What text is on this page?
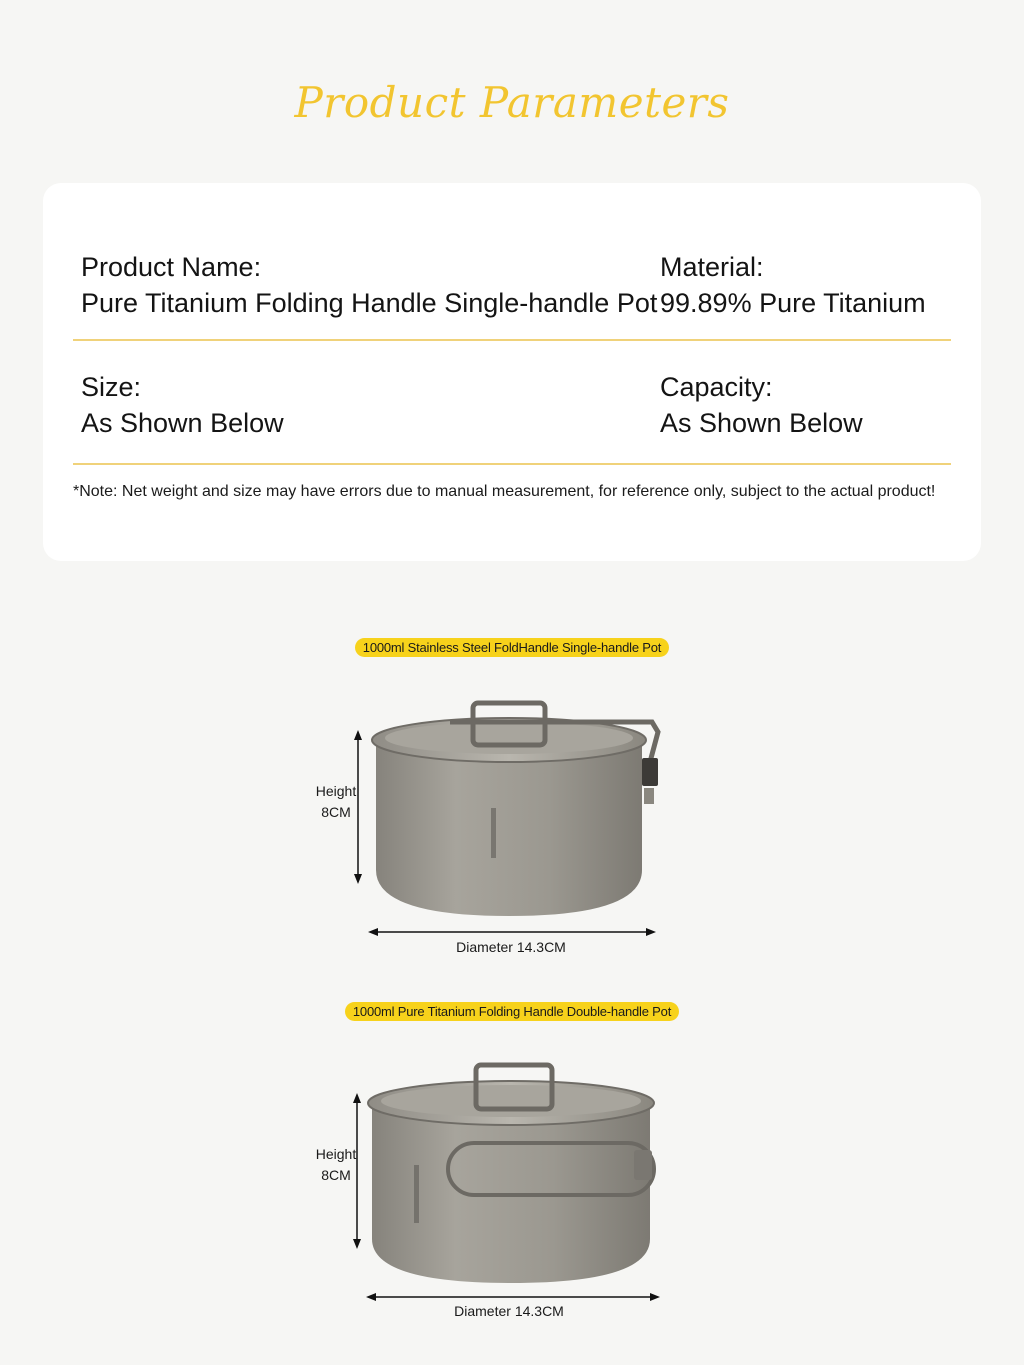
Product Parameters
Product Name:
Pure Titanium Folding Handle Single-handle Pot
Material:
99.89% Pure Titanium
Size:
As Shown Below
Capacity:
As Shown Below
*Note: Net weight and size may have errors due to manual measurement, for reference only, subject to the actual product!
1000ml Stainless Steel FoldHandle Single-handle Pot
Height
8CM
Diameter 14.3CM
1000ml Pure Titanium Folding Handle Double-handle Pot
Height
8CM
Diameter 14.3CM
